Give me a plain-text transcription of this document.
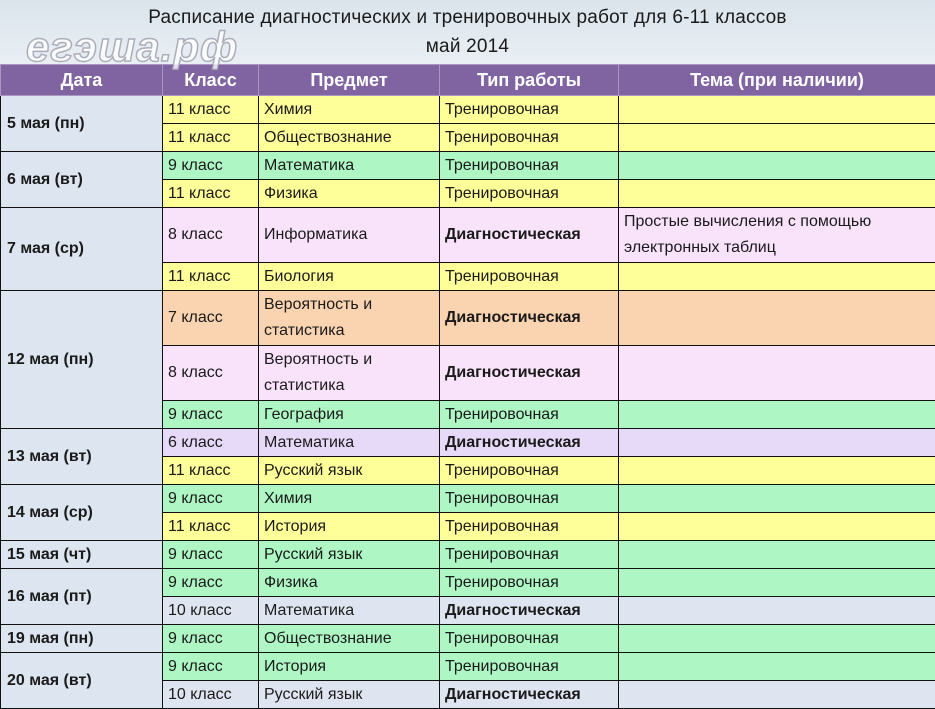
Расписание диагностических и тренировочных работ для 6-11 классов
май 2014
егэша.рф
Дата	Класс	Предмет	Тип работы	Тема (при наличии)
5 мая (пн)	11 класс	Химия	Тренировочная	
	11 класс	Обществознание	Тренировочная	
6 мая (вт)	9 класс	Математика	Тренировочная	
	11 класс	Физика	Тренировочная	
7 мая (ср)	8 класс	Информатика	Диагностическая	Простые вычисления с помощью электронных таблиц
	11 класс	Биология	Тренировочная	
12 мая (пн)	7 класс	Вероятность и статистика	Диагностическая	
	8 класс	Вероятность и статистика	Диагностическая	
	9 класс	География	Тренировочная	
13 мая (вт)	6 класс	Математика	Диагностическая	
	11 класс	Русский язык	Тренировочная	
14 мая (ср)	9 класс	Химия	Тренировочная	
	11 класс	История	Тренировочная	
15 мая (чт)	9 класс	Русский язык	Тренировочная	
16 мая (пт)	9 класс	Физика	Тренировочная	
	10 класс	Математика	Диагностическая	
19 мая (пн)	9 класс	Обществознание	Тренировочная	
20 мая (вт)	9 класс	История	Тренировочная	
	10 класс	Русский язык	Диагностическая	
